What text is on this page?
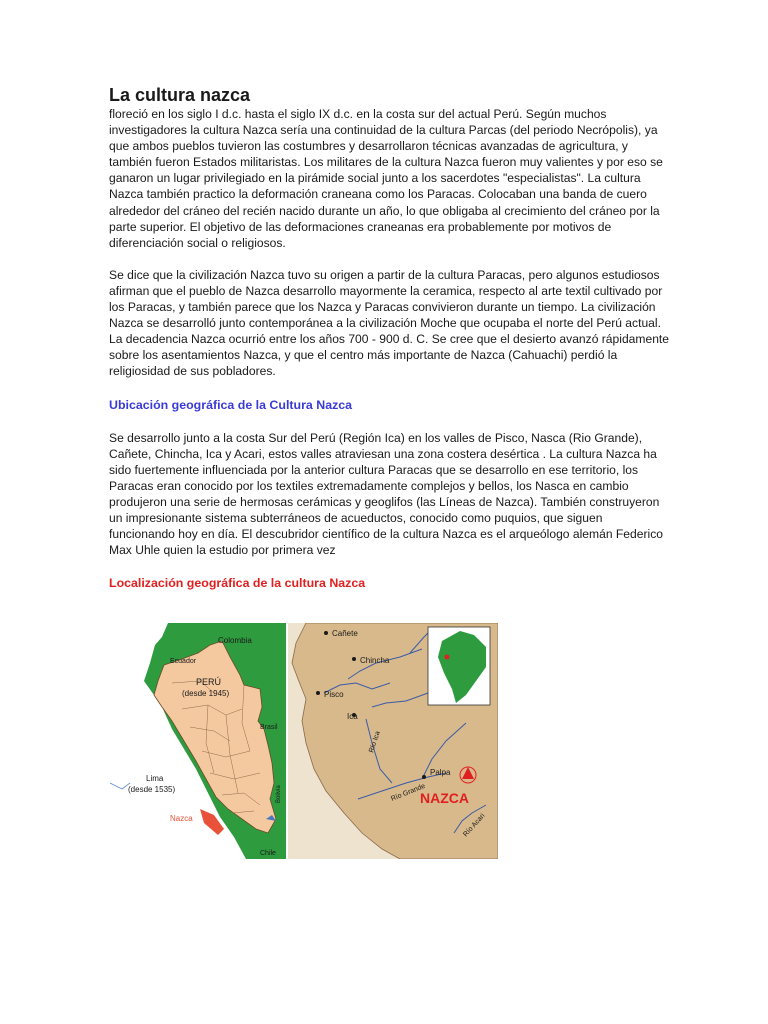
La cultura nazca

floreció en los siglo I d.c. hasta el siglo IX d.c. en la costa sur del actual Perú. Según muchos investigadores la cultura Nazca sería una continuidad de la cultura Parcas (del periodo Necrópolis), ya que ambos pueblos tuvieron las costumbres y desarrollaron técnicas avanzadas de agricultura, y también fueron Estados militaristas. Los militares de la cultura Nazca fueron muy valientes y por eso se ganaron un lugar privilegiado en la pirámide social junto a los sacerdotes "especialistas". La cultura Nazca también practico la deformación craneana como los Paracas. Colocaban una banda de cuero alrededor del cráneo del recién nacido durante un año, lo que obligaba al crecimiento del cráneo por la parte superior. El objetivo de las deformaciones craneanas era probablemente por motivos de diferenciación social o religiosos.

Se dice que la civilización Nazca tuvo su origen a partir de la cultura Paracas, pero algunos estudiosos afirman que el pueblo de Nazca desarrollo mayormente la ceramica, respecto al arte textil cultivado por los Paracas, y también parece que los Nazca y Paracas convivieron durante un tiempo. La civilización Nazca se desarrolló junto contemporánea a la civilización Moche que ocupaba el norte del Perú actual. La decadencia Nazca ocurrió entre los años 700 - 900 d. C. Se cree que el desierto avanzó rápidamente sobre los asentamientos Nazca, y que el centro más importante de Nazca (Cahuachi) perdió la religiosidad de sus pobladores.

Ubicación geográfica de la Cultura Nazca

Se desarrollo junto a la costa Sur del Perú (Región Ica) en los valles de Pisco, Nasca (Rio Grande), Cañete, Chincha, Ica y Acari, estos valles atraviesan una zona costera desértica . La cultura Nazca ha sido fuertemente influenciada por la anterior cultura Paracas que se desarrollo en ese territorio, los Paracas eran conocido por los textiles extremadamente complejos y bellos, los Nasca en cambio produjeron una serie de hermosas cerámicas y geoglifos (las Líneas de Nazca). También construyeron un impresionante sistema subterráneos de acueductos, conocido como puquios, que siguen funcionando hoy en día. El descubridor científico de la cultura Nazca es el arqueólogo alemán Federico Max Uhle quien la estudio por primera vez

Localización geográfica de la cultura Nazca
Colombia
Ecuador
PERÚ
(desde 1945)
Brasil
Lima
(desde 1535)
Nazca
Bolivia
Chile
Cañete
Chincha
Pisco
Ica
Río Ica
Palpa
Río Grande
NAZCA
Río Acari
